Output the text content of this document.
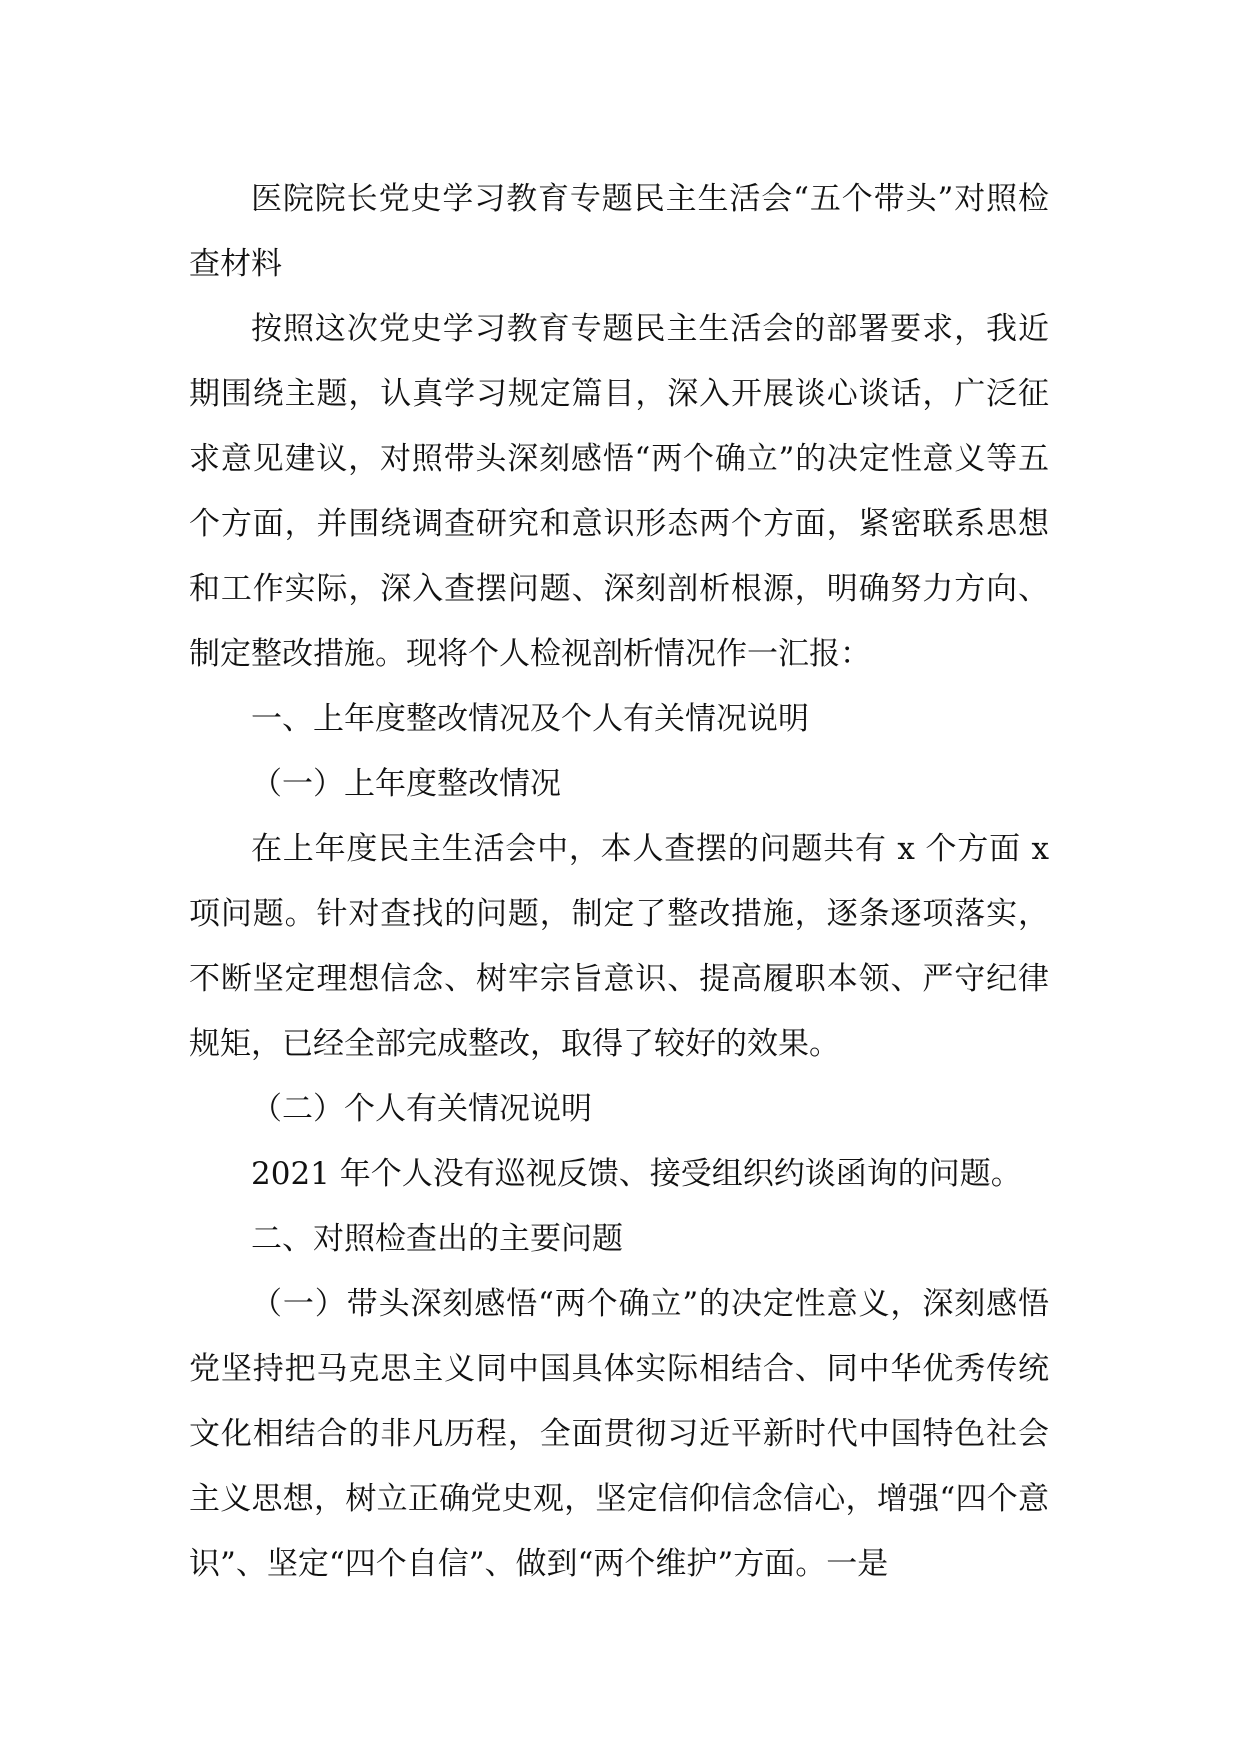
医院院长党史学习教育专题民主生活会“五个带头”对照检查材料

按照这次党史学习教育专题民主生活会的部署要求，我近期围绕主题，认真学习规定篇目，深入开展谈心谈话，广泛征求意见建议，对照带头深刻感悟“两个确立”的决定性意义等五个方面，并围绕调查研究和意识形态两个方面，紧密联系思想和工作实际，深入查摆问题、深刻剖析根源，明确努力方向、制定整改措施。现将个人检视剖析情况作一汇报：

一、上年度整改情况及个人有关情况说明

（一）上年度整改情况

在上年度民主生活会中，本人查摆的问题共有 x 个方面 x 项问题。针对查找的问题，制定了整改措施，逐条逐项落实，不断坚定理想信念、树牢宗旨意识、提高履职本领、严守纪律规矩，已经全部完成整改，取得了较好的效果。

（二）个人有关情况说明

2021 年个人没有巡视反馈、接受组织约谈函询的问题。

二、对照检查出的主要问题

（一）带头深刻感悟“两个确立”的决定性意义，深刻感悟党坚持把马克思主义同中国具体实际相结合、同中华优秀传统文化相结合的非凡历程，全面贯彻习近平新时代中国特色社会主义思想，树立正确党史观，坚定信仰信念信心，增强“四个意识”、坚定“四个自信”、做到“两个维护”方面。一是
